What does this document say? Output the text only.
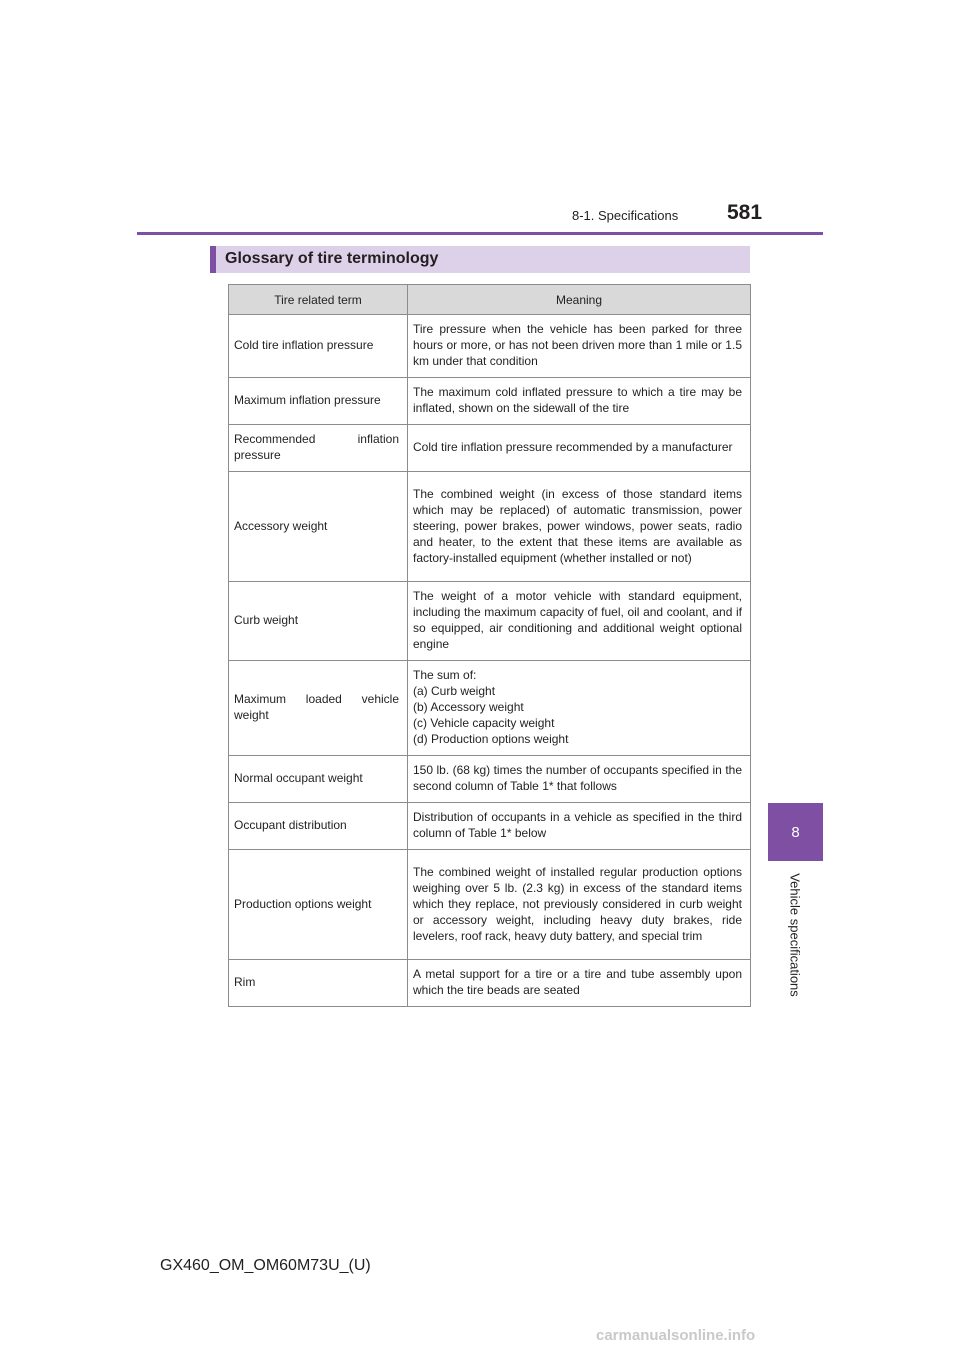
8-1. Specifications 581
8
Vehicle specifications
Glossary of tire terminology
Tire related term	Meaning
Cold tire inflation pressure	Tire pressure when the vehicle has been parked for three hours or more, or has not been driven more than 1 mile or 1.5 km under that condition
Maximum inflation pressure	The maximum cold inflated pressure to which a tire may be inflated, shown on the sidewall of the tire
Recommended inflation pressure	Cold tire inflation pressure recommended by a manufacturer
Accessory weight	The combined weight (in excess of those standard items which may be replaced) of automatic transmission, power steering, power brakes, power windows, power seats, radio and heater, to the extent that these items are available as factory-installed equipment (whether installed or not)
Curb weight	The weight of a motor vehicle with standard equipment, including the maximum capacity of fuel, oil and coolant, and if so equipped, air conditioning and additional weight optional engine
Maximum loaded vehicle weight	The sum of:
(a) Curb weight
(b) Accessory weight
(c) Vehicle capacity weight
(d) Production options weight

Normal occupant weight	150 lb. (68 kg) times the number of occupants specified in the second column of Table 1* that follows
Occupant distribution	Distribution of occupants in a vehicle as specified in the third column of Table 1* below
Production options weight	The combined weight of installed regular production options weighing over 5 lb. (2.3 kg) in excess of the standard items which they replace, not previously considered in curb weight or accessory weight, including heavy duty brakes, ride levelers, roof rack, heavy duty battery, and special trim
Rim	A metal support for a tire or a tire and tube assembly upon which the tire beads are seated
GX460_OM_OM60M73U_(U)
carmanualsonline.info
